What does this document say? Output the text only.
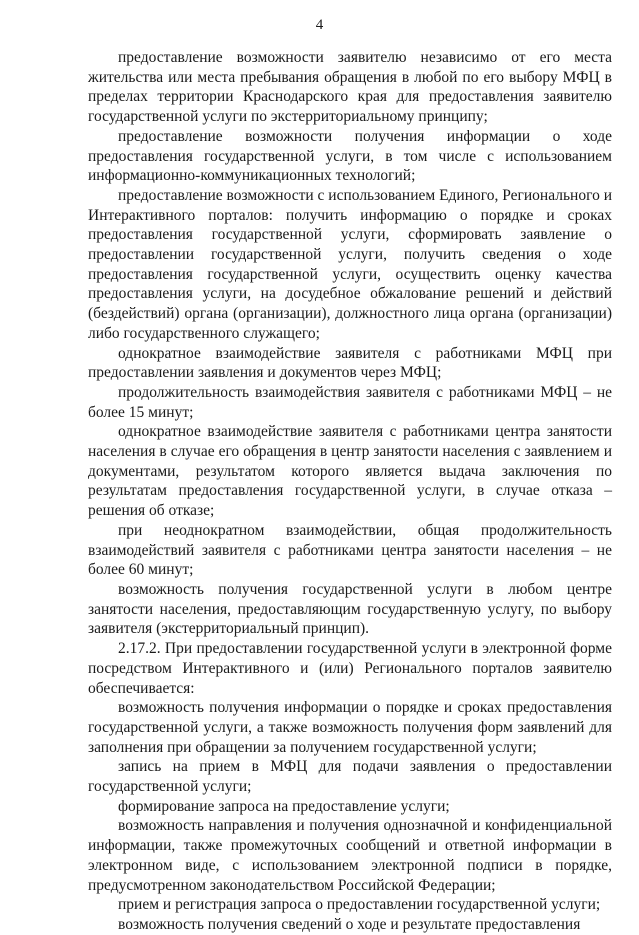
4

предоставление возможности заявителю независимо от его места жительства или места пребывания обращения в любой по его выбору МФЦ в пределах территории Краснодарского края для предоставления заявителю государственной услуги по экстерриториальному принципу;

предоставление возможности получения информации о ходе предоставления государственной услуги, в том числе с использованием информационно-коммуникационных технологий;

предоставление возможности с использованием Единого, Регионального и Интерактивного порталов: получить информацию о порядке и сроках предоставления государственной услуги, сформировать заявление о предоставлении государственной услуги, получить сведения о ходе предоставления государственной услуги, осуществить оценку качества предоставления услуги, на досудебное обжалование решений и действий (бездействий) органа (организации), должностного лица органа (организации) либо государственного служащего;

однократное взаимодействие заявителя с работниками МФЦ при предоставлении заявления и документов через МФЦ;

продолжительность взаимодействия заявителя с работниками МФЦ – не более 15 минут;

однократное взаимодействие заявителя с работниками центра занятости населения в случае его обращения в центр занятости населения с заявлением и документами, результатом которого является выдача заключения по результатам предоставления государственной услуги, в случае отказа – решения об отказе;

при неоднократном взаимодействии, общая продолжительность взаимодействий заявителя с работниками центра занятости населения – не более 60 минут;

возможность получения государственной услуги в любом центре занятости населения, предоставляющим государственную услугу, по выбору заявителя (экстерриториальный принцип).

2.17.2. При предоставлении государственной услуги в электронной форме посредством Интерактивного и (или) Регионального порталов заявителю обеспечивается:

возможность получения информации о порядке и сроках предоставления государственной услуги, а также возможность получения форм заявлений для заполнения при обращении за получением государственной услуги;

запись на прием в МФЦ для подачи заявления о предоставлении государственной услуги;

формирование запроса на предоставление услуги;

возможность направления и получения однозначной и конфиденциальной информации, также промежуточных сообщений и ответной информации в электронном виде, с использованием электронной подписи в порядке, предусмотренном законодательством Российской Федерации;

прием и регистрация запроса о предоставлении государственной услуги;

возможность получения сведений о ходе и результате предоставления
